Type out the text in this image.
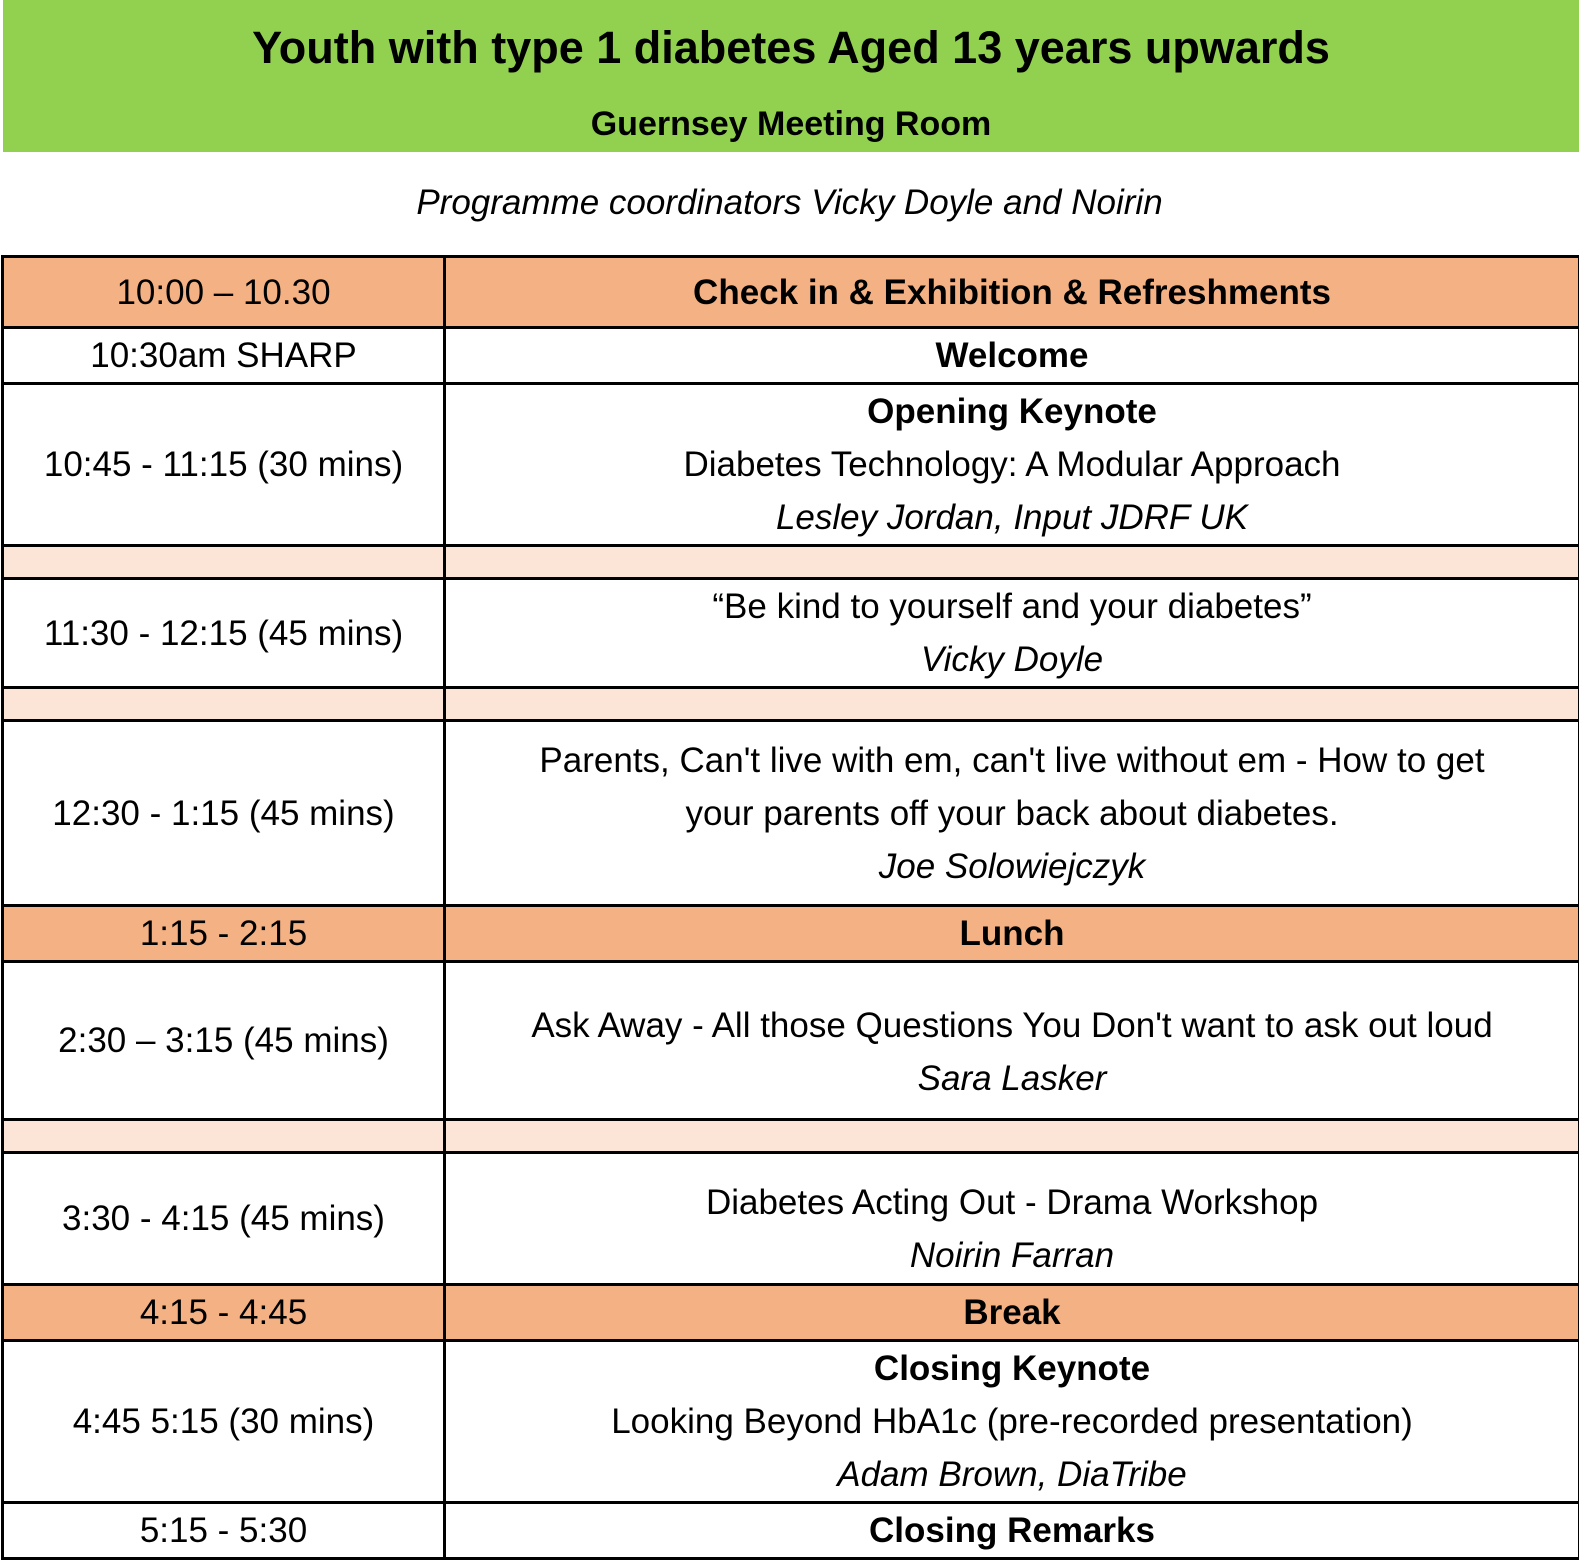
Youth with type 1 diabetes Aged 13 years upwards
Guernsey Meeting Room
Programme coordinators Vicky Doyle and Noirin
10:00 – 10.30	Check in & Exhibition & Refreshments
10:30am SHARP	Welcome
10:45 - 11:15 (30 mins)	Opening Keynote
Diabetes Technology: A Modular Approach
Lesley Jordan, Input JDRF UK

11:30 - 12:15 (45 mins)	“Be kind to yourself and your diabetes”
Vicky Doyle

12:30 - 1:15 (45 mins)	Parents, Can't live with em, can't live without em - How to get
your parents off your back about diabetes.
Joe Solowiejczyk

1:15 - 2:15	Lunch
2:30 – 3:15 (45 mins)	Ask Away - All those Questions You Don't want to ask out loud
Sara Lasker

3:30 - 4:15 (45 mins)	Diabetes Acting Out - Drama Workshop
Noirin Farran

4:15 - 4:45	Break
4:45 5:15 (30 mins)	Closing Keynote
Looking Beyond HbA1c (pre-recorded presentation)
Adam Brown, DiaTribe

5:15 - 5:30	Closing Remarks
